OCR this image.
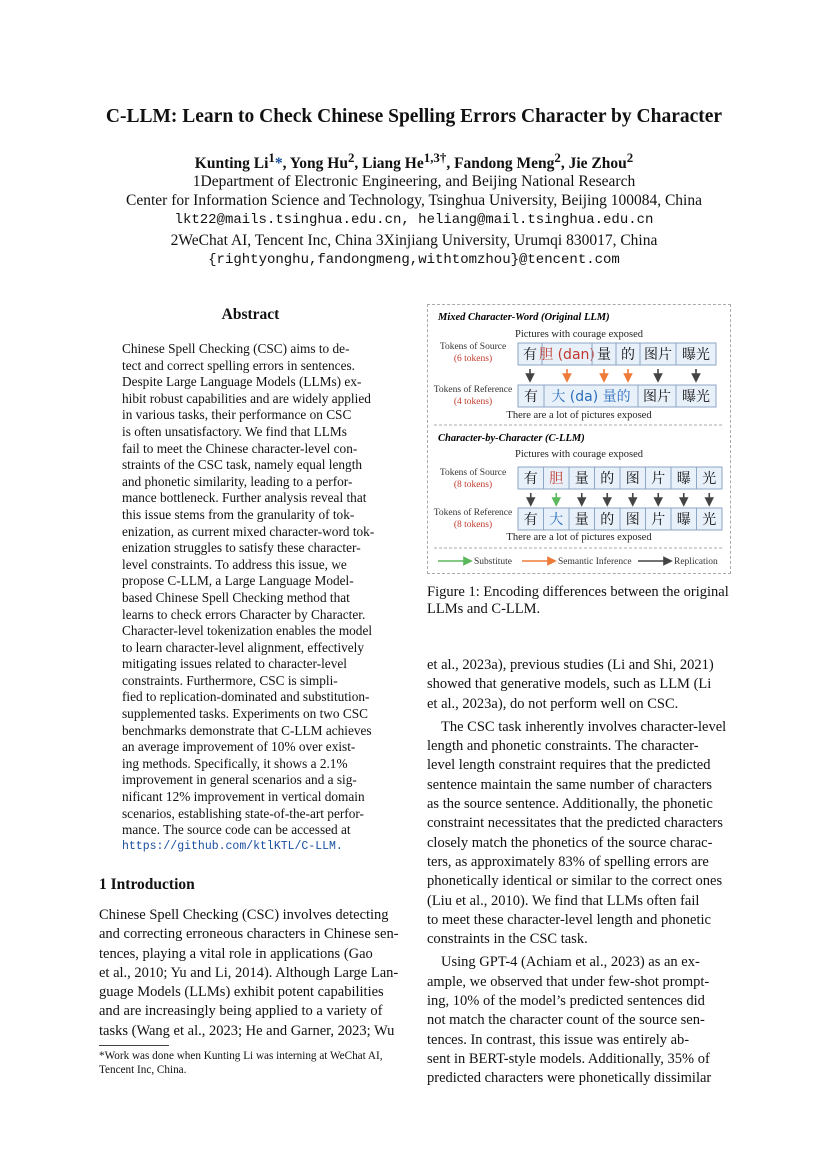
C-LLM: Learn to Check Chinese Spelling Errors Character by Character
Kunting Li$^1$*, Yong Hu$^2$, Liang $He^{1,3\dagger}$, Fandong Meng$^2$, Jie Zhou$^2$
1Department of Electronic Engineering, and Beijing National Research
Center for Information Science and Technology, Tsinghua University, Beijing 100084, China
lkt22@mails.tsinghua.edu.cn, heliang@mail.tsinghua.edu.cn
2WeChat AI, Tencent Inc, China 3Xinjiang University, Urumqi 830017, China
{rightyonghu,fandongmeng,withtomzhou}@tencent.com
Abstract
Chinese Spell Checking (CSC) aims to de-
tect and correct spelling errors in sentences.
Despite Large Language Models (LLMs) ex-
hibit robust capabilities and are widely applied
in various tasks, their performance on CSC
is often unsatisfactory. We find that LLMs
fail to meet the Chinese character-level con-
straints of the CSC task, namely equal length
and phonetic similarity, leading to a perfor-
mance bottleneck. Further analysis reveal that
this issue stems from the granularity of tok-
enization, as current mixed character-word tok-
enization struggles to satisfy these character-
level constraints. To address this issue, we
propose C-LLM, a Large Language Model-
based Chinese Spell Checking method that
learns to check errors Character by Character.
Character-level tokenization enables the model
to learn character-level alignment, effectively
mitigating issues related to character-level
constraints. Furthermore, CSC is simpli-
fied to replication-dominated and substitution-
supplemented tasks. Experiments on two CSC
benchmarks demonstrate that C-LLM achieves
an average improvement of 10% over exist-
ing methods. Specifically, it shows a 2.1%
improvement in general scenarios and a sig-
nificant 12% improvement in vertical domain
scenarios, establishing state-of-the-art perfor-
mance. The source code can be accessed at
https://github.com/ktlKTL/C-LLM.
1 Introduction
Chinese Spell Checking (CSC) involves detecting
and correcting erroneous characters in Chinese sen-
tences, playing a vital role in applications (Gao
et al., 2010; Yu and Li, 2014). Although Large Lan-
guage Models (LLMs) exhibit potent capabilities
and are increasingly being applied to a variety of
tasks (Wang et al., 2023; He and Garner, 2023; Wu
*Work was done when Kunting Li was interning at WeChat AI, Tencent Inc, China.
Mixed Character-Word (Original LLM)
Pictures with courage exposed
Tokens of Source
(6 tokens) 有 胆 (dan) 量 的 图片 曝光
Tokens of Reference
(4 tokens) 有 大 (da) 量的 图片 曝光
There are a lot of pictures exposed
Character-by-Character (C-LLM)
Pictures with courage exposed
Tokens of Source
(8 tokens) 有 胆 量 的 图 片 曝 光
Tokens of Reference
(8 tokens) 有 大 量 的 图 片 曝 光
There are a lot of pictures exposed
Substitute	Semantic Inference	Replication
Figure 1: Encoding differences between the original LLMs and C-LLM.
et al., 2023a), previous studies (Li and Shi, 2021)
showed that generative models, such as LLM (Li
et al., 2023a), do not perform well on CSC.
The CSC task inherently involves character-level
length and phonetic constraints. The character-
level length constraint requires that the predicted
sentence maintain the same number of characters
as the source sentence. Additionally, the phonetic
constraint necessitates that the predicted characters
closely match the phonetics of the source charac-
ters, as approximately 83% of spelling errors are
phonetically identical or similar to the correct ones
(Liu et al., 2010). We find that LLMs often fail
to meet these character-level length and phonetic
constraints in the CSC task.
Using GPT-4 (Achiam et al., 2023) as an ex-
ample, we observed that under few-shot prompt-
ing, 10% of the model’s predicted sentences did
not match the character count of the source sen-
tences. In contrast, this issue was entirely ab-
sent in BERT-style models. Additionally, 35% of
predicted characters were phonetically dissimilar
